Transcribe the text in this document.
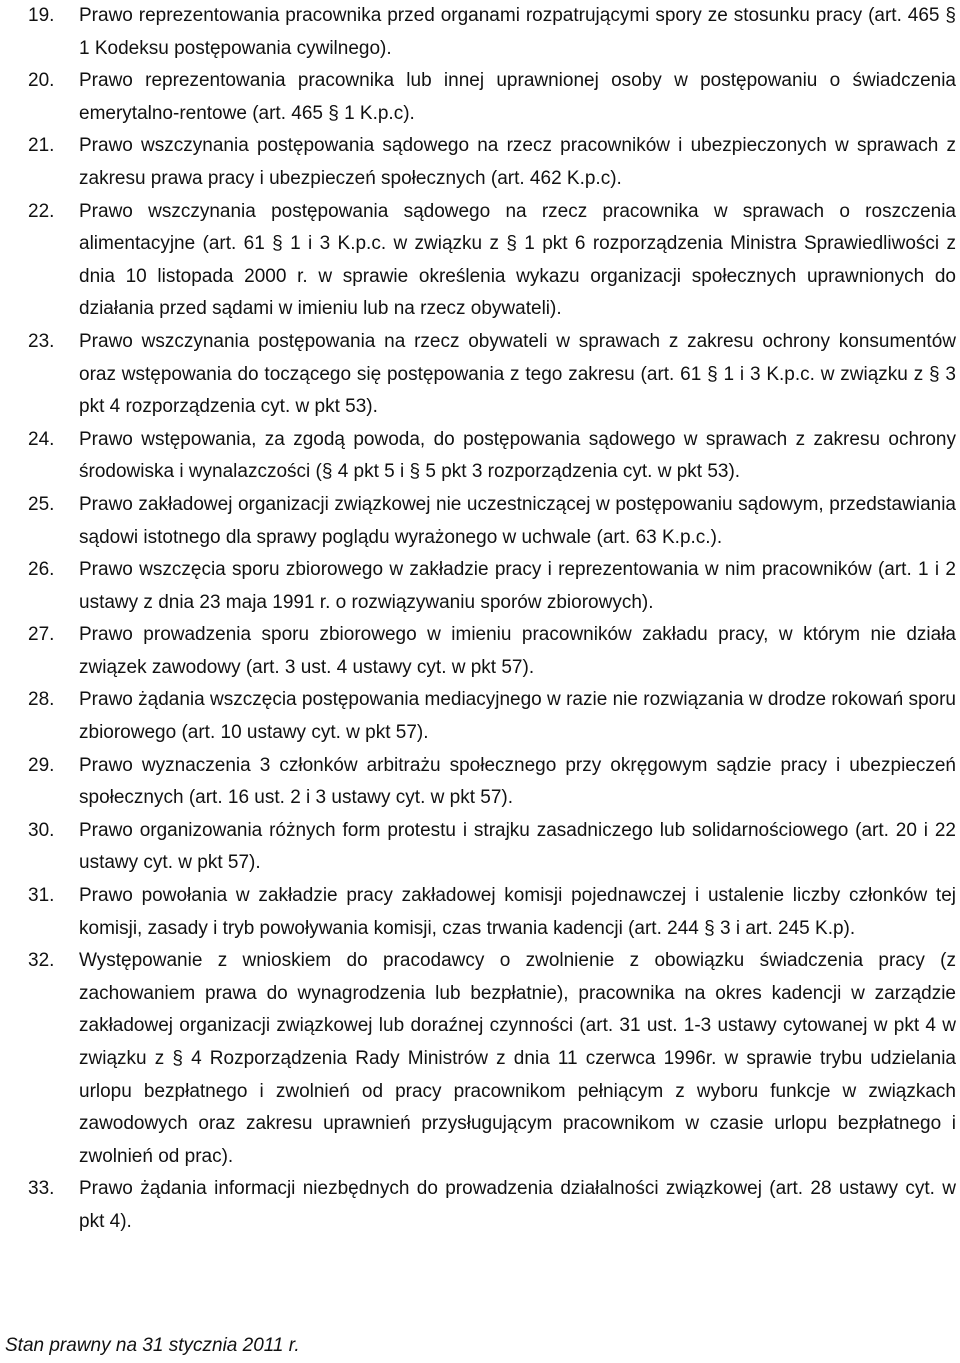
19.	Prawo reprezentowania pracownika przed organami rozpatrującymi spory ze stosunku pracy (art. 465 § 1 Kodeksu postępowania cywilnego).
20.	Prawo reprezentowania pracownika lub innej uprawnionej osoby w postępowaniu o świadczenia emerytalno-rentowe (art. 465 § 1 K.p.c).
21.	Prawo wszczynania postępowania sądowego na rzecz pracowników i ubezpieczonych w sprawach z zakresu prawa pracy i ubezpieczeń społecznych (art. 462 K.p.c).
22.	Prawo wszczynania postępowania sądowego na rzecz pracownika w sprawach o roszczenia alimentacyjne (art. 61 § 1 i 3 K.p.c. w związku z § 1 pkt 6 rozporządzenia Ministra Sprawiedliwości z dnia 10 listopada 2000 r. w sprawie określenia wykazu organizacji społecznych uprawnionych do działania przed sądami w imieniu lub na rzecz obywateli).
23.	Prawo wszczynania postępowania na rzecz obywateli w sprawach z zakresu ochrony konsumentów oraz wstępowania do toczącego się postępowania z tego zakresu (art. 61 § 1 i 3 K.p.c. w związku z § 3 pkt 4 rozporządzenia cyt. w pkt 53).
24.	Prawo wstępowania, za zgodą powoda, do postępowania sądowego w sprawach z zakresu ochrony środowiska i wynalazczości (§ 4 pkt 5 i § 5 pkt 3 rozporządzenia cyt. w pkt 53).
25.	Prawo zakładowej organizacji związkowej nie uczestniczącej w postępowaniu sądowym, przedstawiania sądowi istotnego dla sprawy poglądu wyrażonego w uchwale (art. 63 K.p.c.).
26.	Prawo wszczęcia sporu zbiorowego w zakładzie pracy i reprezentowania w nim pracowników (art. 1 i 2 ustawy z dnia 23 maja 1991 r. o rozwiązywaniu sporów zbiorowych).
27.	Prawo prowadzenia sporu zbiorowego w imieniu pracowników zakładu pracy, w którym nie działa związek zawodowy (art. 3 ust. 4 ustawy cyt. w pkt 57).
28.	Prawo żądania wszczęcia postępowania mediacyjnego w razie nie rozwiązania w drodze rokowań sporu zbiorowego (art. 10 ustawy cyt. w pkt 57).
29.	Prawo wyznaczenia 3 członków arbitrażu społecznego przy okręgowym sądzie pracy i ubezpieczeń społecznych (art. 16 ust. 2 i 3 ustawy cyt. w pkt 57).
30.	Prawo organizowania różnych form protestu i strajku zasadniczego lub solidarnościowego (art. 20 i 22 ustawy cyt. w pkt 57).
31.	Prawo powołania w zakładzie pracy zakładowej komisji pojednawczej i ustalenie liczby członków tej komisji, zasady i tryb powoływania komisji, czas trwania kadencji (art. 244 § 3 i art. 245 K.p).
32.	Występowanie z wnioskiem do pracodawcy o zwolnienie z obowiązku świadczenia pracy (z zachowaniem prawa do wynagrodzenia lub bezpłatnie), pracownika na okres kadencji w zarządzie zakładowej organizacji związkowej lub doraźnej czynności (art. 31 ust. 1-3 ustawy cytowanej w pkt 4 w związku z § 4 Rozporządzenia Rady Ministrów z dnia 11 czerwca 1996r. w sprawie trybu udzielania urlopu bezpłatnego i zwolnień od pracy pracownikom pełniącym z wyboru funkcje w związkach zawodowych oraz zakresu uprawnień przysługującym pracownikom w czasie urlopu bezpłatnego i zwolnień od prac).
33.	Prawo żądania informacji niezbędnych do prowadzenia działalności związkowej (art. 28 ustawy cyt. w pkt 4).
Stan prawny na 31 stycznia 2011 r.
